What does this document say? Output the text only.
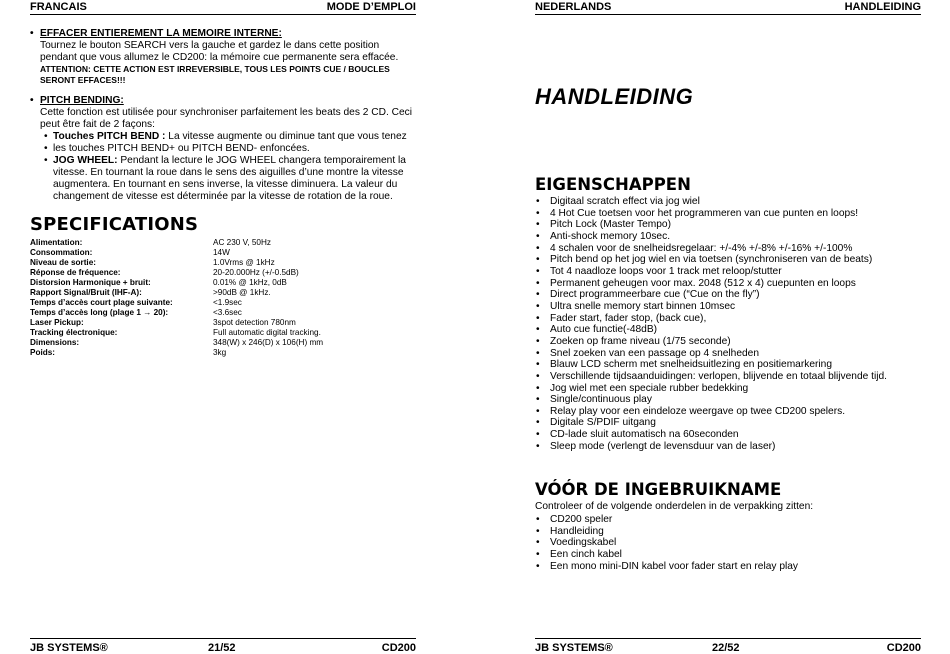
FRANCAIS	MODE D’EMPLOI
• EFFACER ENTIEREMENT LA MEMOIRE INTERNE:
Tournez le bouton SEARCH vers la gauche et gardez le dans cette position
pendant que vous allumez le CD200: la mémoire cue permanente sera effacée.
ATTENTION: CETTE ACTION EST IRREVERSIBLE, TOUS LES POINTS CUE / BOUCLES
SERONT EFFACES!!!
• PITCH BENDING:
Cette fonction est utilisée pour synchroniser parfaitement les beats des 2 CD. Ceci
peut être fait de 2 façons:
• Touches PITCH BEND : La vitesse augmente ou diminue tant que vous tenez
• les touches PITCH BEND+ ou PITCH BEND- enfoncées.
• JOG WHEEL: Pendant la lecture le JOG WHEEL changera temporairement la
vitesse. En tournant la roue dans le sens des aiguilles d’une montre la vitesse
augmentera. En tournant en sens inverse, la vitesse diminuera. La valeur du
changement de vitesse est déterminée par la vitesse de rotation de la roue.
SPECIFICATIONS
Alimentation:	AC 230 V, 50Hz
Consommation:	14W
Niveau de sortie:	1.0Vrms @ 1kHz
Réponse de fréquence:	20-20.000Hz (+/-0.5dB)
Distorsion Harmonique + bruit:	0.01% @ 1kHz, 0dB
Rapport Signal/Bruit (IHF-A):	>90dB @ 1kHz.
Temps d’accès court plage suivante:	<1.9sec
Temps d’accès long (plage 1 → 20):	<3.6sec
Laser Pickup:	3spot detection 780nm
Tracking électronique:	Full automatic digital tracking.
Dimensions:	348(W) x 246(D) x 106(H) mm
Poids:	3kg
JB SYSTEMS®	21/52	CD200
NEDERLANDS	HANDLEIDING
HANDLEIDING
EIGENSCHAPPEN
• Digitaal scratch effect via jog wiel
• 4 Hot Cue toetsen voor het programmeren van cue punten en loops!
• Pitch Lock (Master Tempo)
• Anti-shock memory 10sec.
• 4 schalen voor de snelheidsregelaar: +/-4% +/-8% +/-16% +/-100%
• Pitch bend op het jog wiel en via toetsen (synchroniseren van de beats)
• Tot 4 naadloze loops voor 1 track met reloop/stutter
• Permanent geheugen voor max. 2048 (512 x 4) cuepunten en loops
• Direct programmeerbare cue (“Cue on the fly”)
• Ultra snelle memory start binnen 10msec
• Fader start, fader stop, (back cue),
• Auto cue functie(-48dB)
• Zoeken op frame niveau (1/75 seconde)
• Snel zoeken van een passage op 4 snelheden
• Blauw LCD scherm met snelheidsuitlezing en positiemarkering
• Verschillende tijdsaanduidingen: verlopen, blijvende en totaal blijvende tijd.
• Jog wiel met een speciale rubber bedekking
• Single/continuous play
• Relay play voor een eindeloze weergave op twee CD200 spelers.
• Digitale S/PDIF uitgang
• CD-lade sluit automatisch na 60seconden
• Sleep mode (verlengt de levensduur van de laser)
VÓÓR DE INGEBRUIKNAME
Controleer of de volgende onderdelen in de verpakking zitten:
• CD200 speler
• Handleiding
• Voedingskabel
• Een cinch kabel
• Een mono mini-DIN kabel voor fader start en relay play
JB SYSTEMS®	22/52	CD200
